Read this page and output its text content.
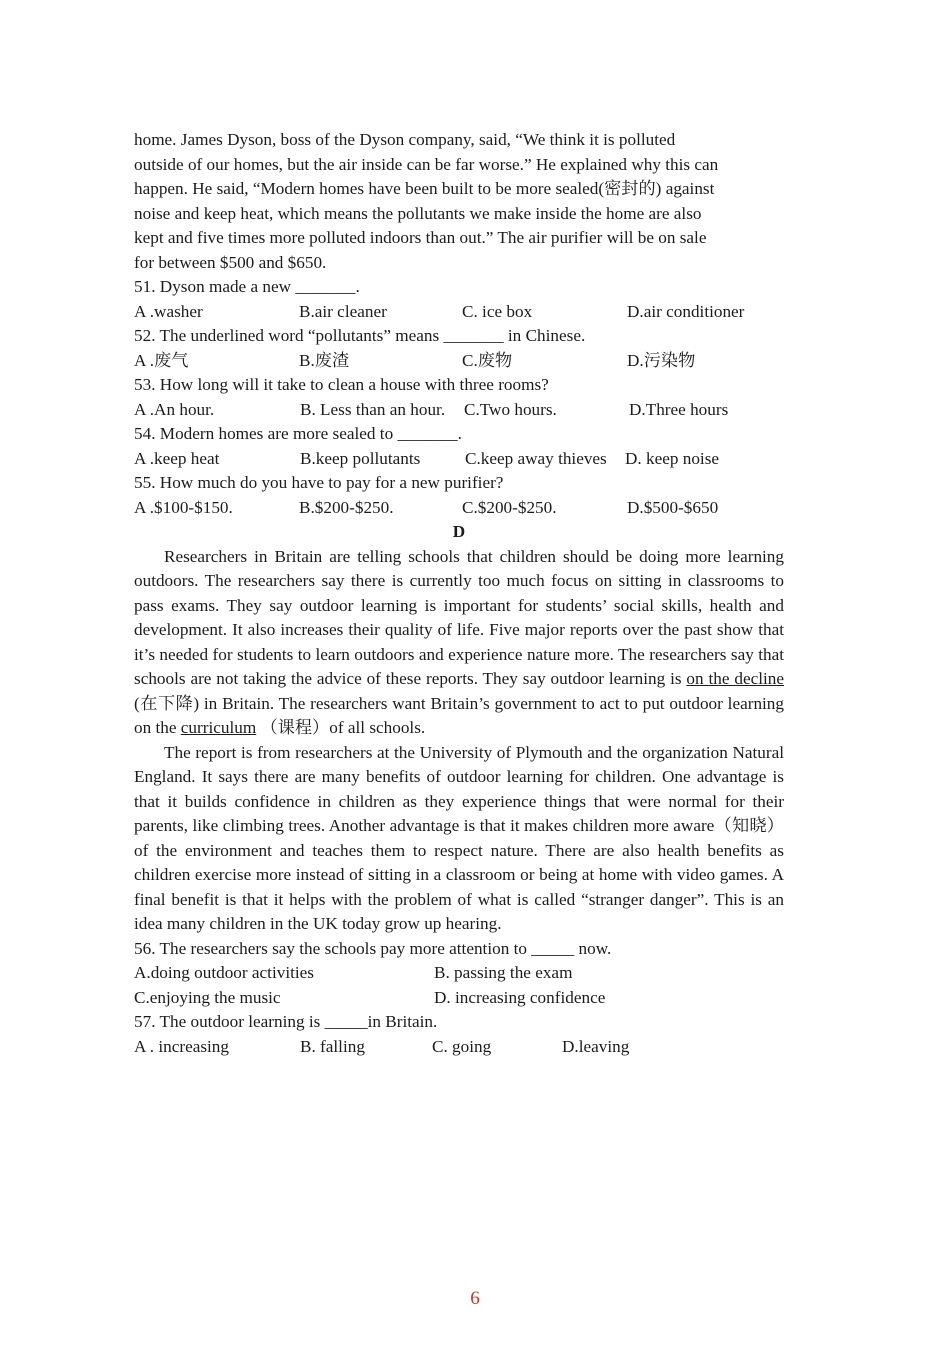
home. James Dyson, boss of the Dyson company, said, “We think it is polluted
outside of our homes, but the air inside can be far worse.” He explained why this can
happen. He said, “Modern homes have been built to be more sealed(密封的) against
noise and keep heat, which means the pollutants we make inside the home are also
kept and five times more polluted indoors than out.” The air purifier will be on sale
for between $500 and $650.
51. Dyson made a new _______.
A .washer	B.air cleaner	C. ice box	D.air conditioner
52. The underlined word “pollutants” means _______ in Chinese.
A .废气	B.废渣	C.废物	D.污染物
53. How long will it take to clean a house with three rooms?
A .An hour.	B. Less than an hour.	C.Two hours.	D.Three hours
54. Modern homes are more sealed to _______.
A .keep heat	B.keep pollutants	C.keep away thieves	D. keep noise
55. How much do you have to pay for a new purifier?
A .$100-$150.	B.$200-$250.	C.$200-$250.	D.$500-$650
D

Researchers in Britain are telling schools that children should be doing more learning outdoors. The researchers say there is currently too much focus on sitting in classrooms to pass exams. They say outdoor learning is important for students’ social skills, health and development. It also increases their quality of life. Five major reports over the past show that it’s needed for students to learn outdoors and experience nature more. The researchers say that schools are not taking the advice of these reports. They say outdoor learning is on the decline (在下降) in Britain. The researchers want Britain’s government to act to put outdoor learning on the curriculum （课程）of all schools.

The report is from researchers at the University of Plymouth and the organization Natural England. It says there are many benefits of outdoor learning for children. One advantage is that it builds confidence in children as they experience things that were normal for their parents, like climbing trees. Another advantage is that it makes children more aware（知晓） of the environment and teaches them to respect nature. There are also health benefits as children exercise more instead of sitting in a classroom or being at home with video games. A final benefit is that it helps with the problem of what is called “stranger danger”. This is an idea many children in the UK today grow up hearing.

56. The researchers say the schools pay more attention to _____ now.
A.doing outdoor activities	B. passing the exam
C.enjoying the music	D. increasing confidence
57. The outdoor learning is _____in Britain.
A . increasing	B. falling	C. going	D.leaving
6
